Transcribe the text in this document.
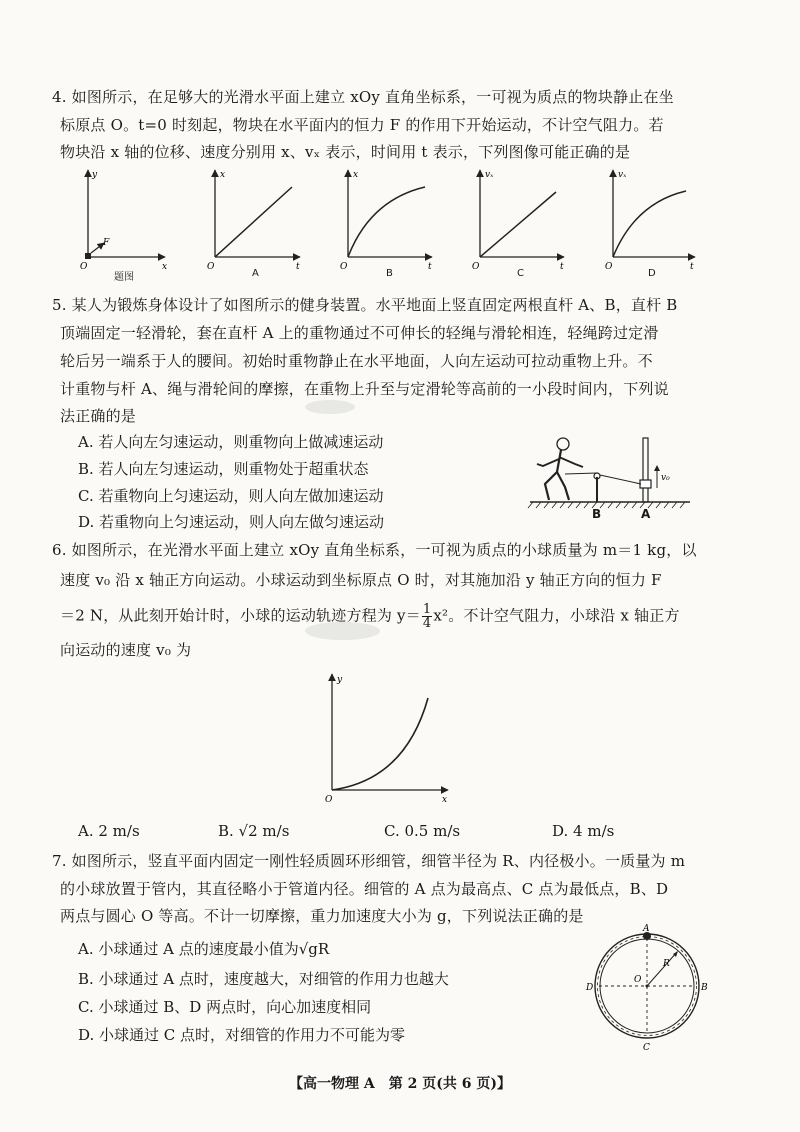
4. 如图所示，在足够大的光滑水平面上建立 xOy 直角坐标系，一可视为质点的物块静止在坐
标原点 O。t=0 时刻起，物块在水平面内的恒力 F 的作用下开始运动，不计空气阻力。若
物块沿 x 轴的位移、速度分别用 x、vₓ 表示，时间用 t 表示，下列图像可能正确的是
y
x
O
F
x
t
O
x
t
O
vₓ
t
O
vₓ
t
O
题图	A	B	C	D
5. 某人为锻炼身体设计了如图所示的健身装置。水平地面上竖直固定两根直杆 A、B，直杆 B
顶端固定一轻滑轮，套在直杆 A 上的重物通过不可伸长的轻绳与滑轮相连，轻绳跨过定滑
轮后另一端系于人的腰间。初始时重物静止在水平地面，人向左运动可拉动重物上升。不
计重物与杆 A、绳与滑轮间的摩擦，在重物上升至与定滑轮等高前的一小段时间内，下列说
法正确的是
A. 若人向左匀速运动，则重物向上做减速运动
B. 若人向左匀速运动，则重物处于超重状态
C. 若重物向上匀速运动，则人向左做加速运动
D. 若重物向上匀速运动，则人向左做匀速运动
v₀
B	A
6. 如图所示，在光滑水平面上建立 xOy 直角坐标系，一可视为质点的小球质量为 m＝1 kg，以
速度 v₀ 沿 x 轴正方向运动。小球运动到坐标原点 O 时，对其施加沿 y 轴正方向的恒力 F
＝2 N，从此刻开始计时，小球的运动轨迹方程为 $y= \frac{1}{4} x^2$。不计空气阻力，小球沿 x 轴正方
向运动的速度 v₀ 为
y
x
O
A. 2 m/s	B. √2 m/s	C. 0.5 m/s	D. 4 m/s
7. 如图所示，竖直平面内固定一刚性轻质圆环形细管，细管半径为 R、内径极小。一质量为 m
的小球放置于管内，其直径略小于管道内径。细管的 A 点为最高点、C 点为最低点，B、D
两点与圆心 O 等高。不计一切摩擦，重力加速度大小为 g，下列说法正确的是
A. 小球通过 A 点的速度最小值为√gR
B. 小球通过 A 点时，速度越大，对细管的作用力也越大
C. 小球通过 B、D 两点时，向心加速度相同
D. 小球通过 C 点时，对细管的作用力不可能为零
A
B
C
D
O
R
【高一物理 A　第 2 页(共 6 页)】
